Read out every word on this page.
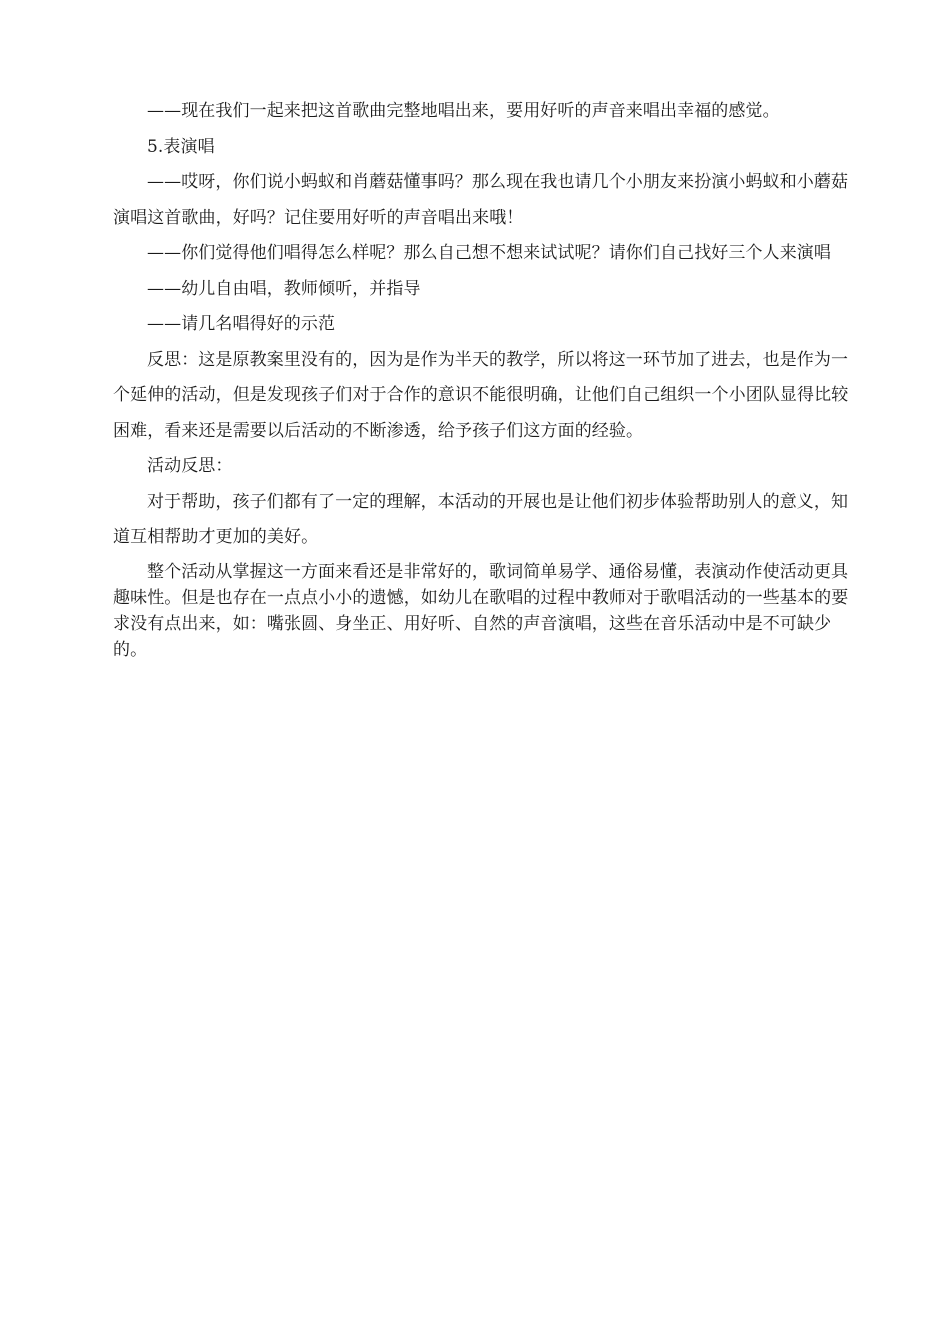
——现在我们一起来把这首歌曲完整地唱出来，要用好听的声音来唱出幸福的感觉。

5.表演唱

——哎呀，你们说小蚂蚁和肖蘑菇懂事吗？那么现在我也请几个小朋友来扮演小蚂蚁和小蘑菇演唱这首歌曲，好吗？记住要用好听的声音唱出来哦！

——你们觉得他们唱得怎么样呢？那么自己想不想来试试呢？请你们自己找好三个人来演唱

——幼儿自由唱，教师倾听，并指导

——请几名唱得好的示范

反思：这是原教案里没有的，因为是作为半天的教学，所以将这一环节加了进去，也是作为一个延伸的活动，但是发现孩子们对于合作的意识不能很明确，让他们自己组织一个小团队显得比较困难，看来还是需要以后活动的不断渗透，给予孩子们这方面的经验。

活动反思：

对于帮助，孩子们都有了一定的理解，本活动的开展也是让他们初步体验帮助别人的意义，知道互相帮助才更加的美好。

整个活动从掌握这一方面来看还是非常好的，歌词简单易学、通俗易懂，表演动作使活动更具趣味性。但是也存在一点点小小的遗憾，如幼儿在歌唱的过程中教师对于歌唱活动的一些基本的要求没有点出来，如：嘴张圆、身坐正、用好听、自然的声音演唱，这些在音乐活动中是不可缺少的。
